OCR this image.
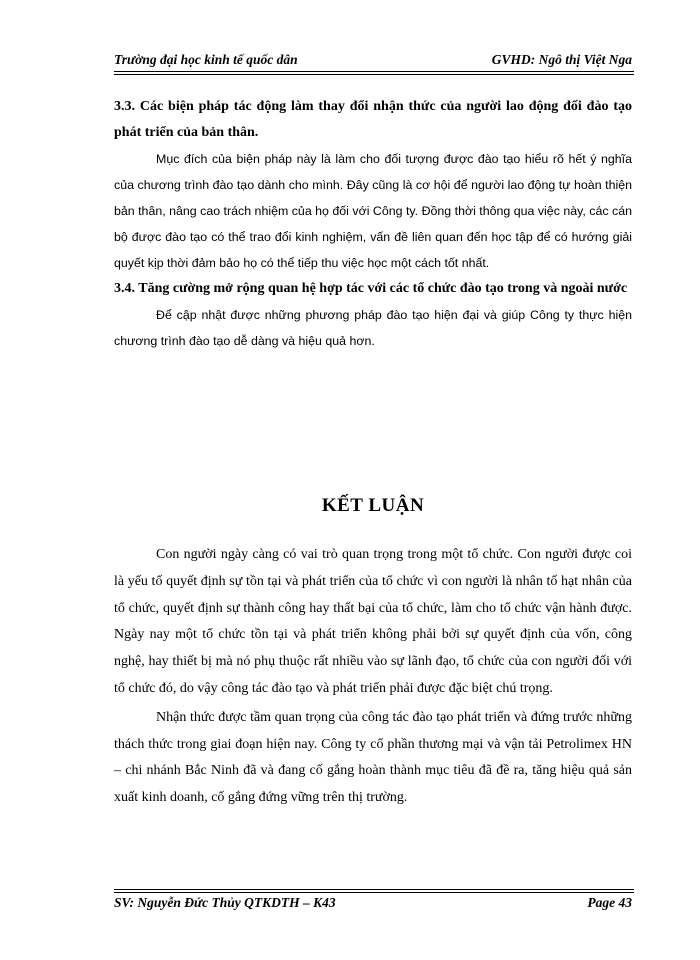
Trường đại học kinh tế quốc dân	GVHD: Ngô thị Việt Nga

3.3. Các biện pháp tác động làm thay đổi nhận thức của người lao động đối đào tạo phát triển của bản thân.

Mục đích của biện pháp này là làm cho đối tượng được đào tạo hiểu rõ hết ý nghĩa của chương trình đào tạo dành cho mình. Đây cũng là cơ hội để người lao động tự hoàn thiện bản thân, nâng cao trách nhiệm của họ đối với Công ty. Đồng thời thông qua việc này, các cán bộ được đào tạo có thể trao đổi kinh nghiệm, vấn đề liên quan đến học tập để có hướng giải quyết kịp thời đảm bảo họ có thể tiếp thu việc học một cách tốt nhất.

3.4. Tăng cường mở rộng quan hệ hợp tác với các tổ chức đào tạo trong và ngoài nước

Để cập nhật được những phương pháp đào tạo hiện đại và giúp Công ty thực hiện chương trình đào tạo dễ dàng và hiệu quả hơn.

KẾT LUẬN

Con người ngày càng có vai trò quan trọng trong một tổ chức. Con người được coi là yếu tố quyết định sự tồn tại và phát triển của tổ chức vì con người là nhân tố hạt nhân của tổ chức, quyết định sự thành công hay thất bại của tổ chức, làm cho tổ chức vận hành được. Ngày nay một tổ chức tồn tại và phát triển không phải bởi sự quyết định của vốn, công nghệ, hay thiết bị mà nó phụ thuộc rất nhiều vào sự lãnh đạo, tổ chức của con người đối với tổ chức đó, do vậy công tác đào tạo và phát triển phải được đặc biệt chú trọng.

Nhận thức được tầm quan trọng của công tác đào tạo phát triển và đứng trước những thách thức trong giai đoạn hiện nay. Công ty cổ phần thương mại và vận tải Petrolimex HN – chi nhánh Bắc Ninh đã và đang cố gắng hoàn thành mục tiêu đã đề ra, tăng hiệu quả sản xuất kinh doanh, cố gắng đứng vững trên thị trường.

SV: Nguyễn Đức Thủy QTKDTH – K43	Page 43
